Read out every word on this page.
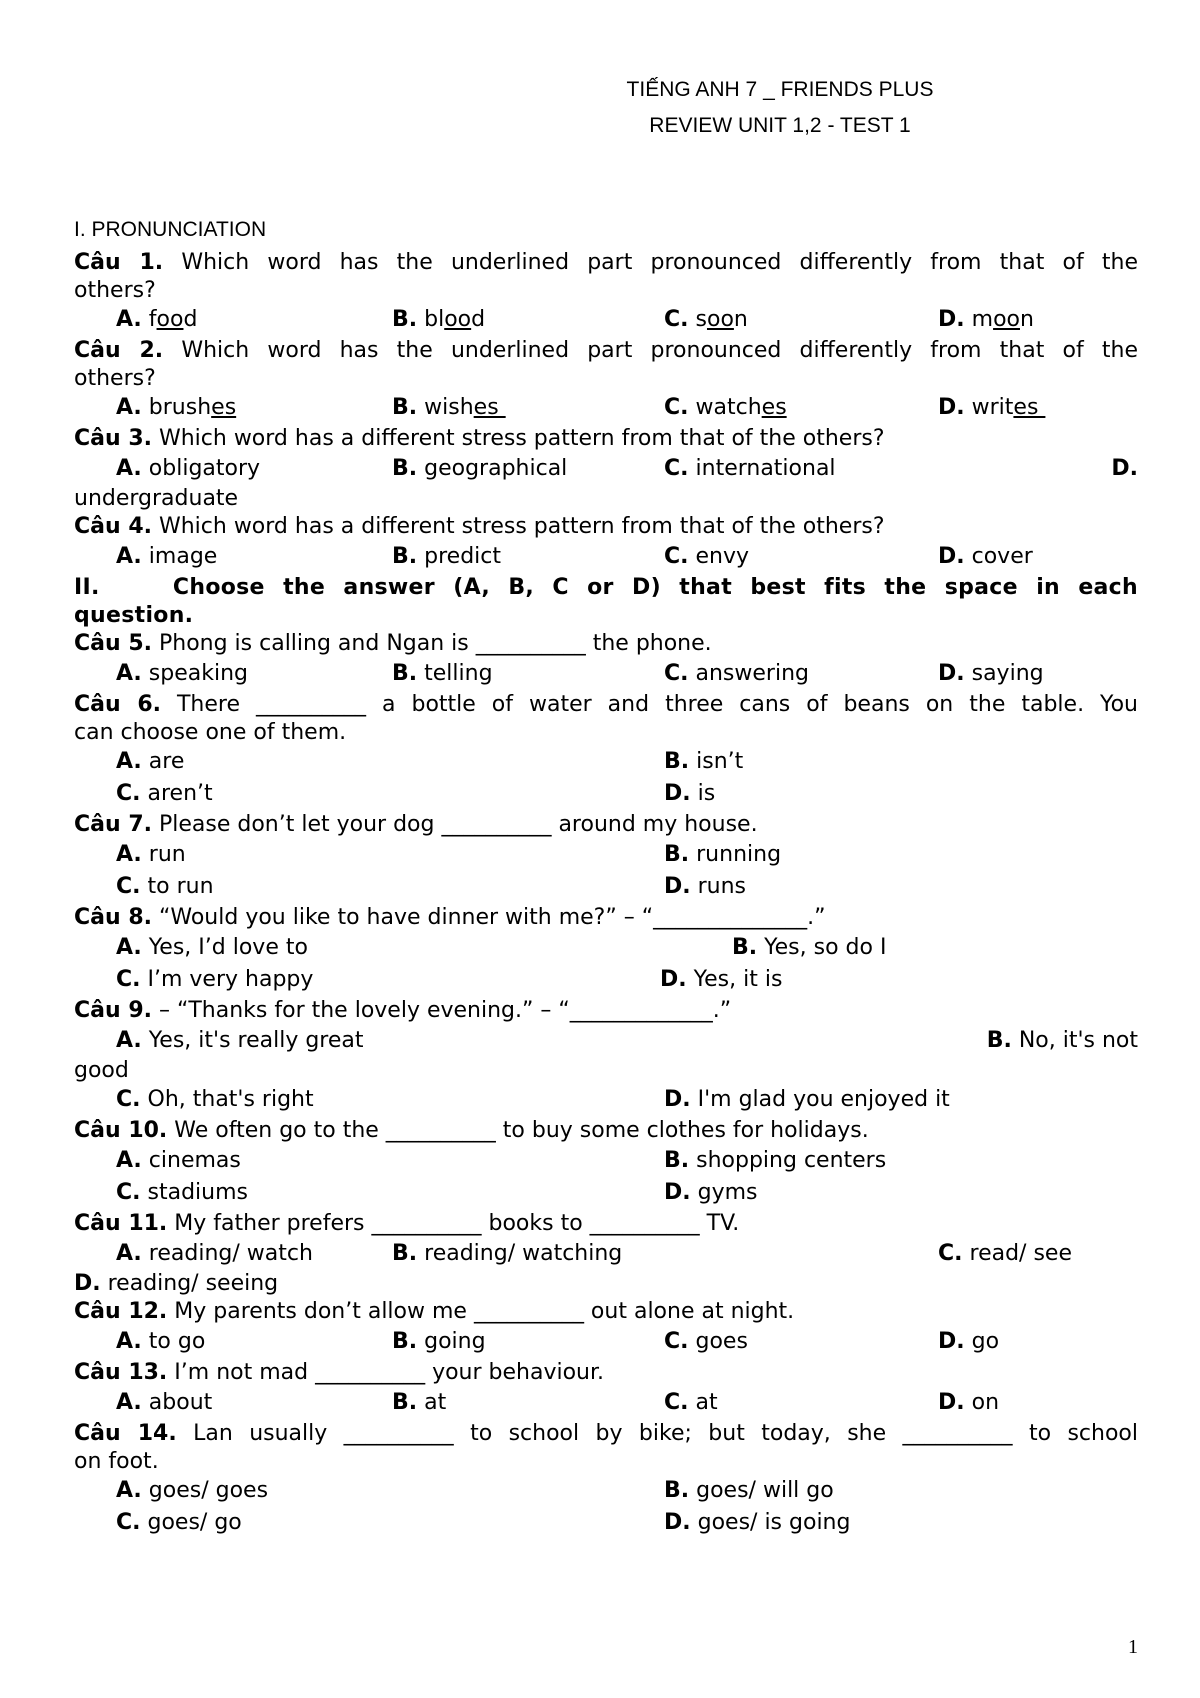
TIẾNG ANH 7 _ FRIENDS PLUS
REVIEW UNIT 1,2 - TEST 1
I. PRONUNCIATION
Câu 1. Which word has the underlined part pronounced differently from that of the
others?
A. food	B. blood	C. soon	D. moon
Câu 2. Which word has the underlined part pronounced differently from that of the
others?
A. brushes	B. wishes	C. watches	D. writes
Câu 3. Which word has a different stress pattern from that of the others?
A. obligatory	B. geographical	C. international	D.
undergraduate
Câu 4. Which word has a different stress pattern from that of the others?
A. image	B. predict	C. envy	D. cover
II.    Choose the answer (A, B, C or D) that best fits the space in each
question.
Câu 5. Phong is calling and Ngan is __________ the phone.
A. speaking	B. telling	C. answering	D. saying
Câu 6. There __________ a bottle of water and three cans of beans on the table. You
can choose one of them.
A. are	B. isn’t
C. aren’t	D. is
Câu 7. Please don’t let your dog __________ around my house.
A. run	B. running
C. to run	D. runs
Câu 8. “Would you like to have dinner with me?” – “______________.”
A. Yes, I’d love to	B. Yes, so do I
C. I’m very happy	D. Yes, it is
Câu 9. – “Thanks for the lovely evening.” – “_____________.”
A. Yes, it's really great	B. No, it's not
good
C. Oh, that's right	D. I'm glad you enjoyed it
Câu 10. We often go to the __________ to buy some clothes for holidays.
A. cinemas	B. shopping centers
C. stadiums	D. gyms
Câu 11. My father prefers __________ books to __________ TV.
A. reading/ watch	B. reading/ watching	C. read/ see
D. reading/ seeing
Câu 12. My parents don’t allow me __________ out alone at night.
A. to go	B. going	C. goes	D. go
Câu 13. I’m not mad __________ your behaviour.
A. about	B. at	C. at	D. on
Câu 14. Lan usually __________ to school by bike; but today, she __________ to school
on foot.
A. goes/ goes	B. goes/ will go
C. goes/ go	D. goes/ is going
1
